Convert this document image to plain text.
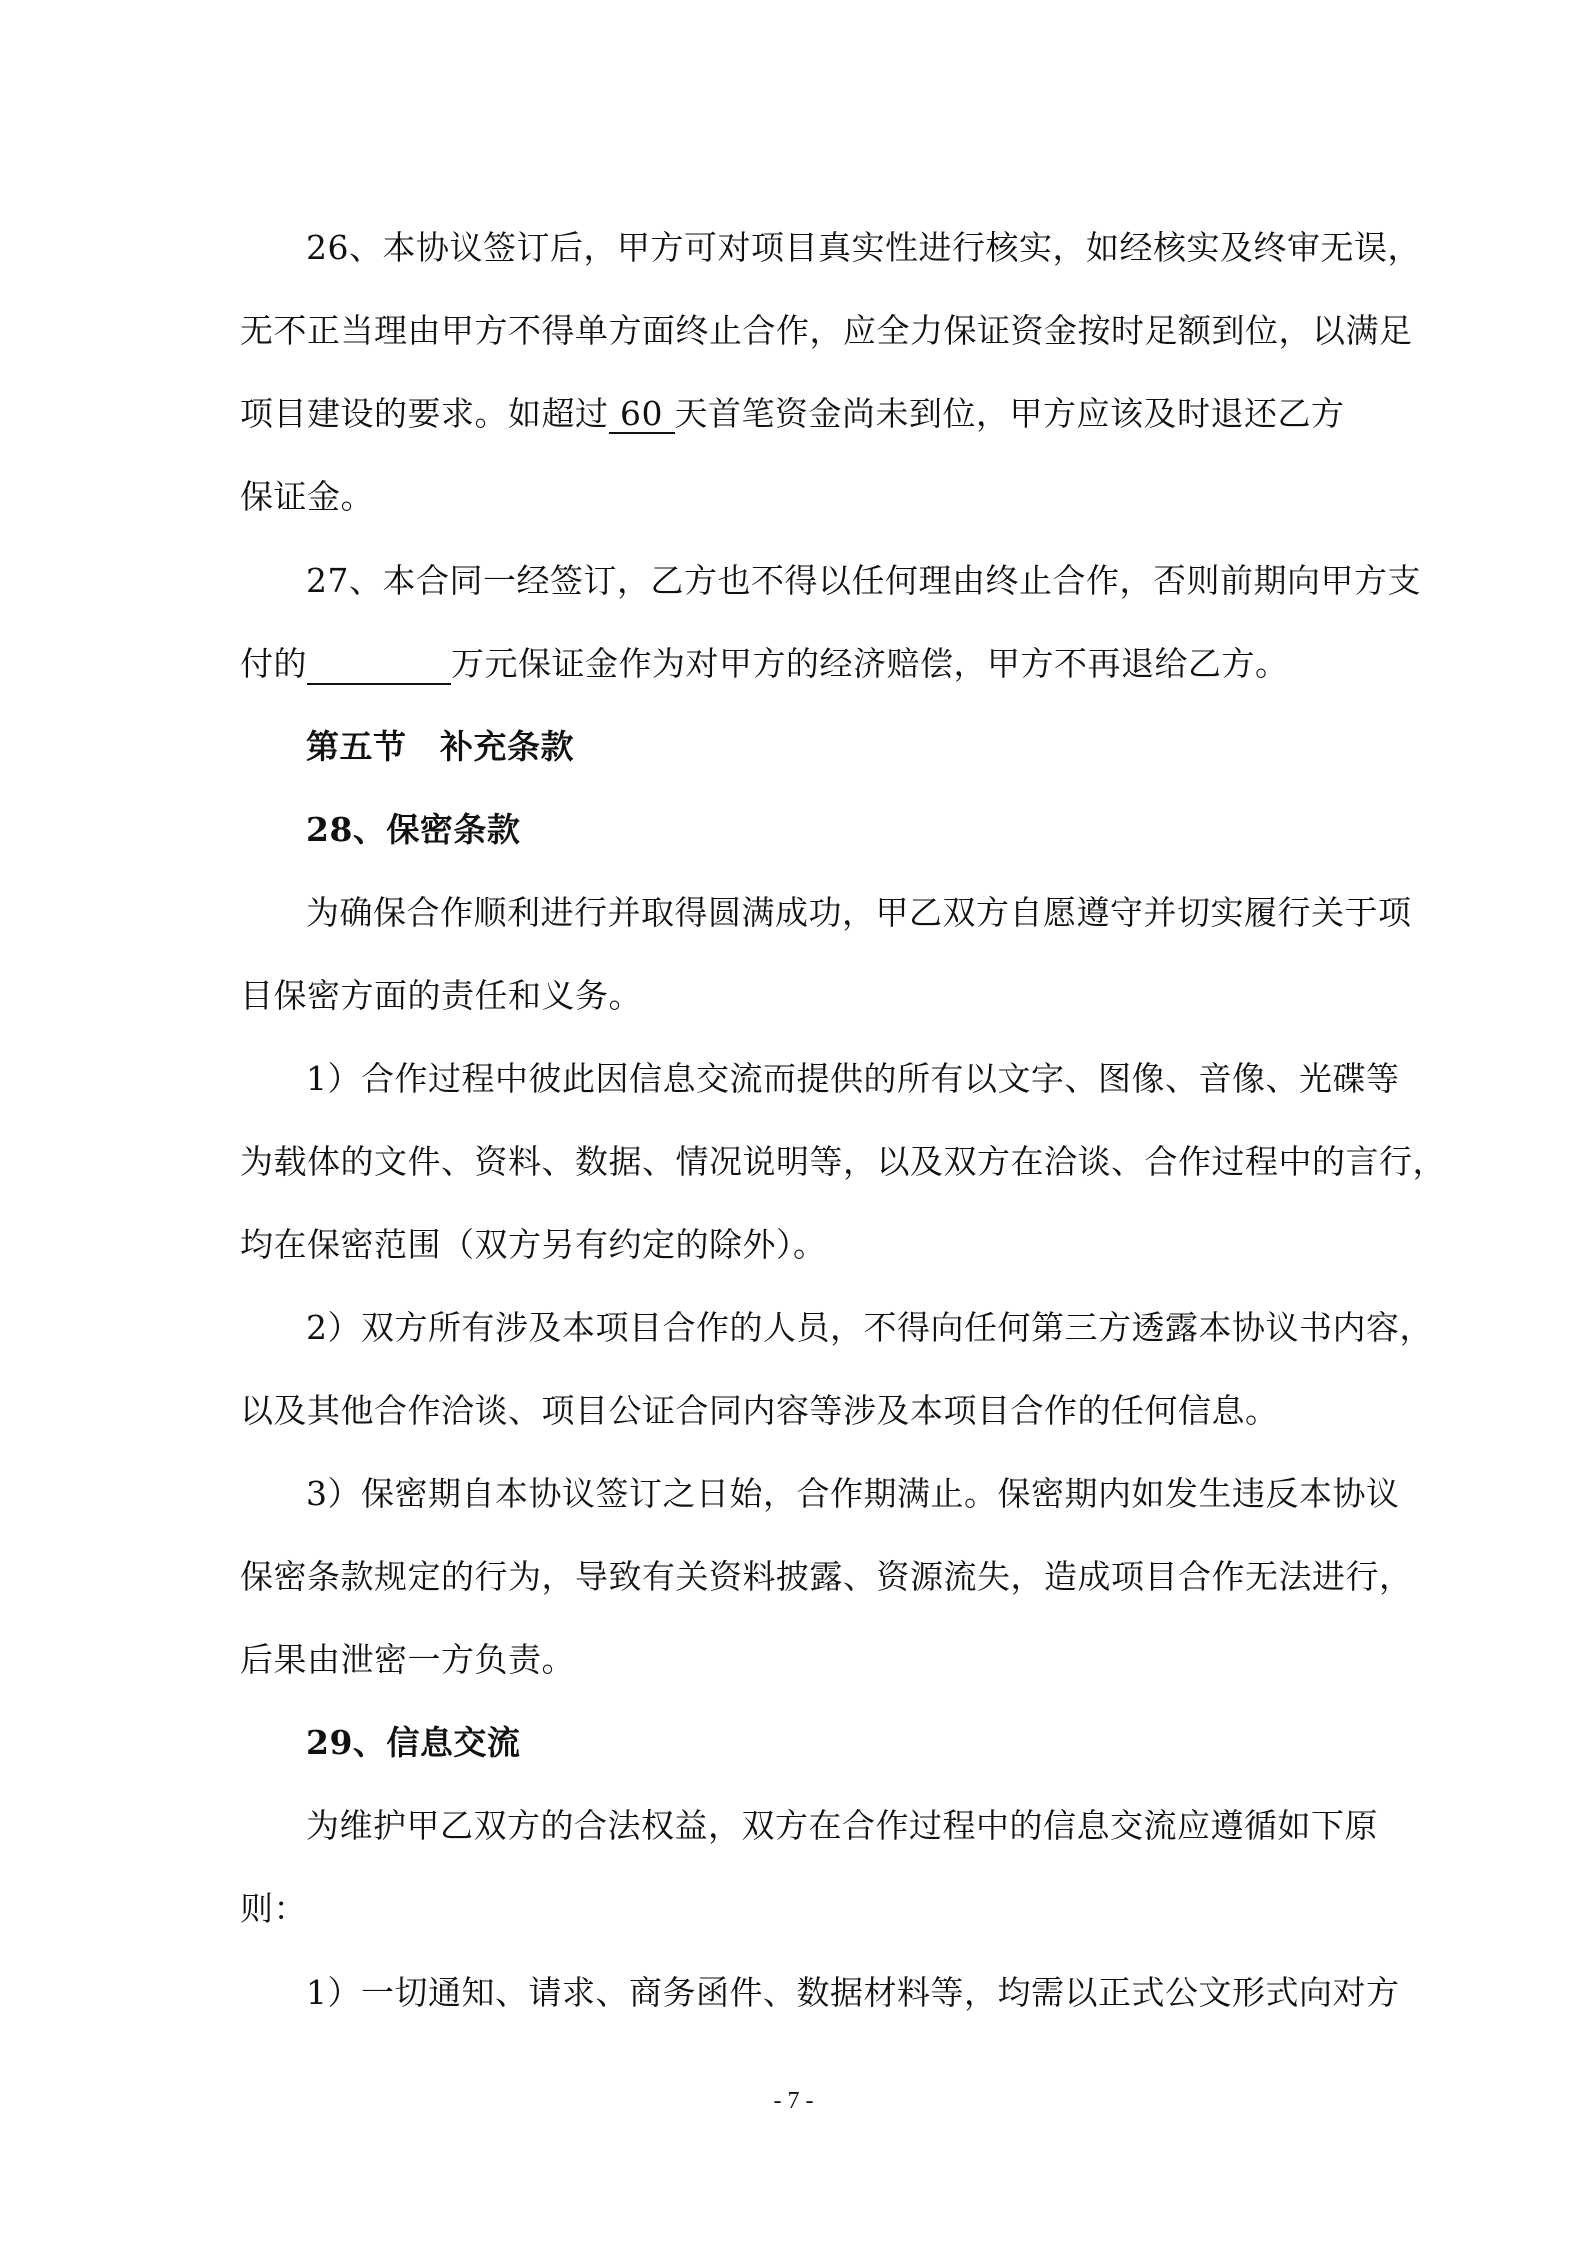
26、本协议签订后，甲方可对项目真实性进行核实，如经核实及终审无误，
无不正当理由甲方不得单方面终止合作，应全力保证资金按时足额到位，以满足
项目建设的要求。如超过 60 天首笔资金尚未到位，甲方应该及时退还乙方
保证金。
27、本合同一经签订，乙方也不得以任何理由终止合作，否则前期向甲方支
付的	万元保证金作为对甲方的经济赔偿，甲方不再退给乙方。
第五节　补充条款
28、保密条款
为确保合作顺利进行并取得圆满成功，甲乙双方自愿遵守并切实履行关于项
目保密方面的责任和义务。
1）合作过程中彼此因信息交流而提供的所有以文字、图像、音像、光碟等
为载体的文件、资料、数据、情况说明等，以及双方在洽谈、合作过程中的言行，
均在保密范围（双方另有约定的除外）。
2）双方所有涉及本项目合作的人员，不得向任何第三方透露本协议书内容，
以及其他合作洽谈、项目公证合同内容等涉及本项目合作的任何信息。
3）保密期自本协议签订之日始，合作期满止。保密期内如发生违反本协议
保密条款规定的行为，导致有关资料披露、资源流失，造成项目合作无法进行，
后果由泄密一方负责。
29、信息交流
为维护甲乙双方的合法权益，双方在合作过程中的信息交流应遵循如下原
则：
1）一切通知、请求、商务函件、数据材料等，均需以正式公文形式向对方
- 7 -
